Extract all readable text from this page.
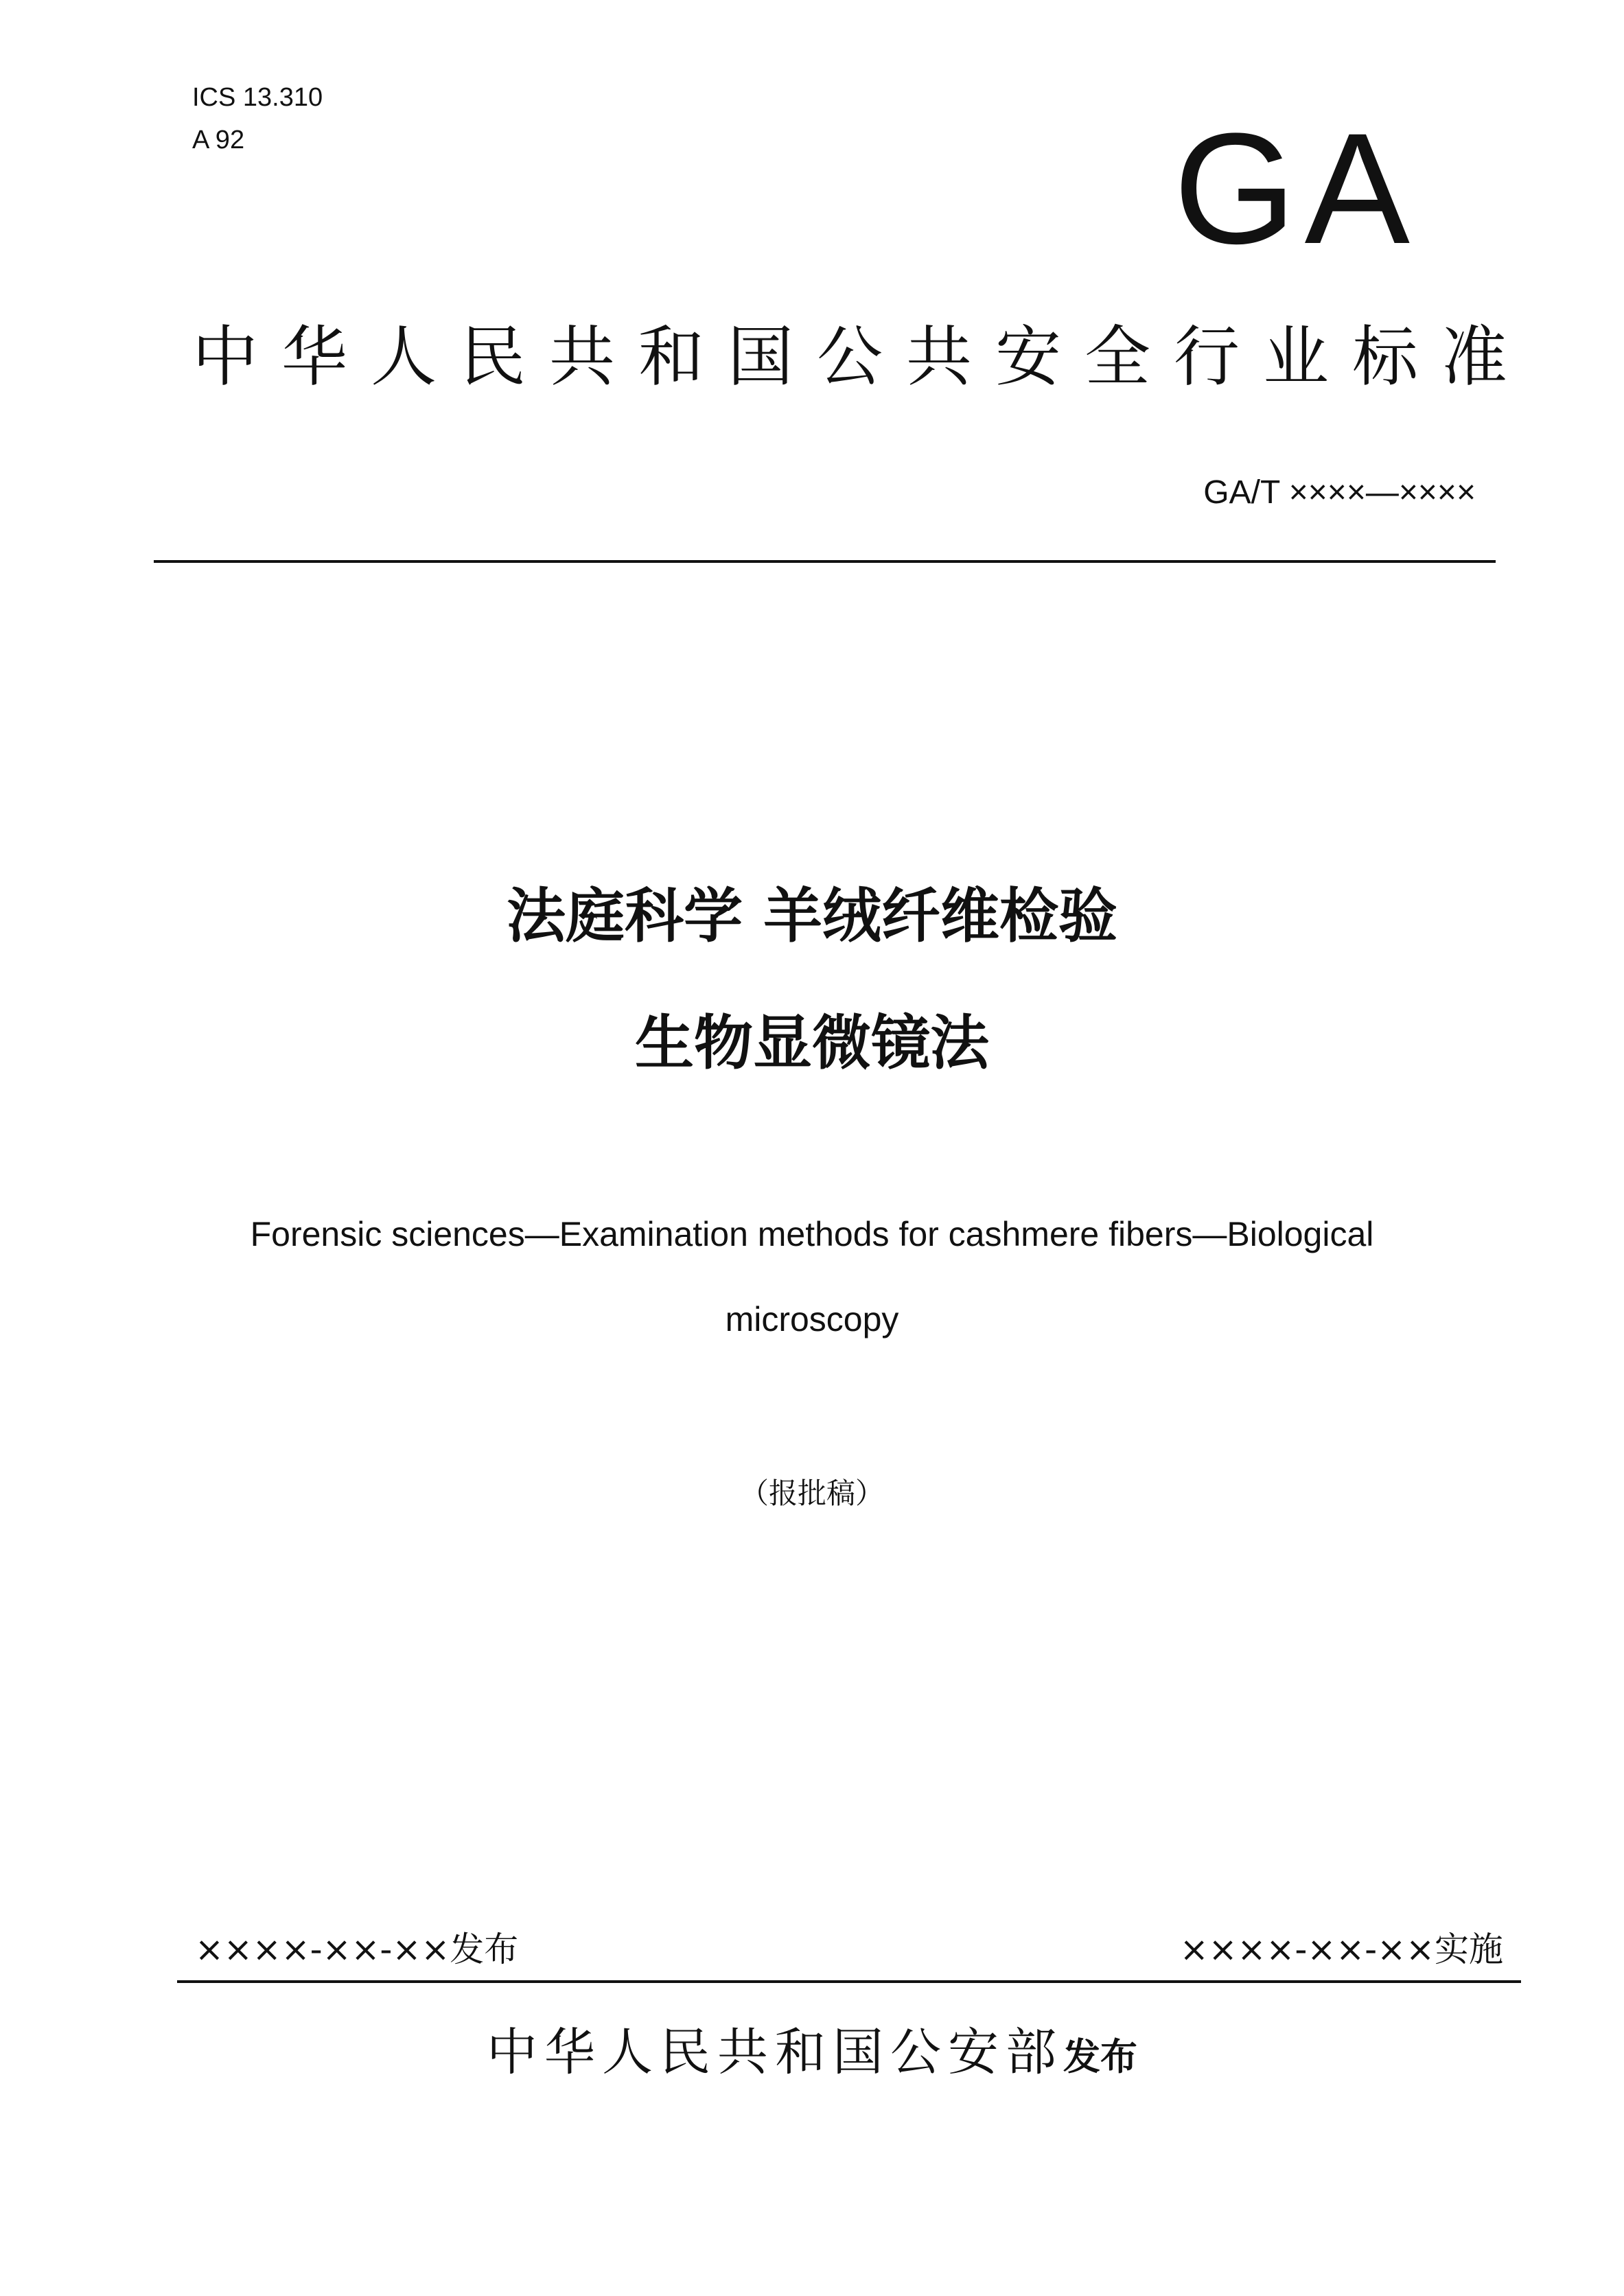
ICS 13.310
A 92	GA
中华人民共和国公共安全行业标准
GA/T ××××—××××
法庭科学 羊绒纤维检验
生物显微镜法
Forensic sciences—Examination methods for cashmere fibers—Biological
microscopy
（报批稿）
××××-××-××发布	××××-××-××实施
中华人民共和国公安部发布
